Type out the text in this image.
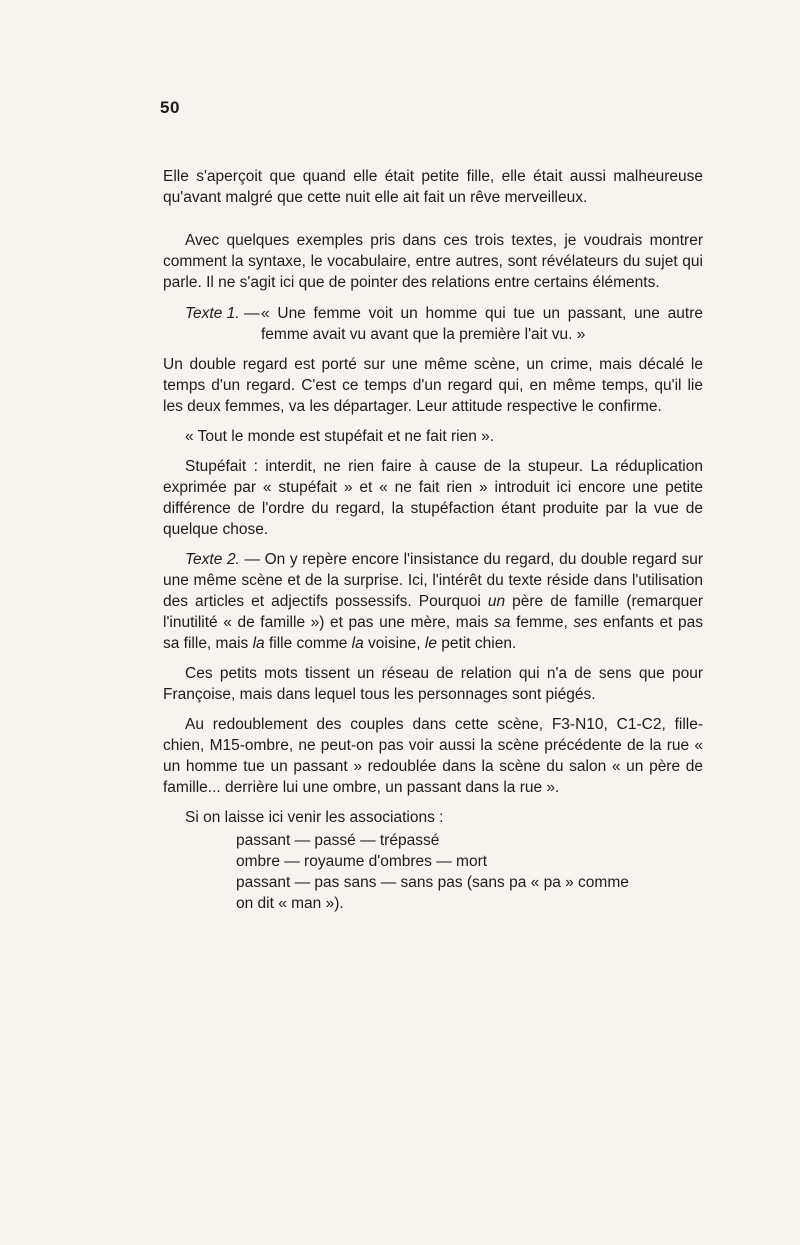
50

Elle s'aperçoit que quand elle était petite fille, elle était aussi malheureuse qu'avant malgré que cette nuit elle ait fait un rêve merveilleux.

Avec quelques exemples pris dans ces trois textes, je voudrais montrer comment la syntaxe, le vocabulaire, entre autres, sont révélateurs du sujet qui parle. Il ne s'agit ici que de pointer des relations entre certains éléments.

Texte 1. — « Une femme voit un homme qui tue un passant, une autre femme avait vu avant que la première l'ait vu. »

Un double regard est porté sur une même scène, un crime, mais décalé le temps d'un regard. C'est ce temps d'un regard qui, en même temps, qu'il lie les deux femmes, va les départager. Leur attitude respective le confirme.

« Tout le monde est stupéfait et ne fait rien ».

Stupéfait : interdit, ne rien faire à cause de la stupeur. La réduplication exprimée par « stupéfait » et « ne fait rien » introduit ici encore une petite différence de l'ordre du regard, la stupéfaction étant produite par la vue de quelque chose.

Texte 2. — On y repère encore l'insistance du regard, du double regard sur une même scène et de la surprise. Ici, l'intérêt du texte réside dans l'utilisation des articles et adjectifs possessifs. Pourquoi un père de famille (remarquer l'inutilité « de famille ») et pas une mère, mais sa femme, ses enfants et pas sa fille, mais la fille comme la voisine, le petit chien.

Ces petits mots tissent un réseau de relation qui n'a de sens que pour Françoise, mais dans lequel tous les personnages sont piégés.

Au redoublement des couples dans cette scène, F3-N10, C1-C2, fille-chien, M15-ombre, ne peut-on pas voir aussi la scène précédente de la rue « un homme tue un passant » redoublée dans la scène du salon « un père de famille... derrière lui une ombre, un passant dans la rue ».

Si on laisse ici venir les associations :

passant — passé — trépassé
ombre — royaume d'ombres — mort
passant — pas sans — sans pas (sans pa « pa » comme
on dit « man »).
